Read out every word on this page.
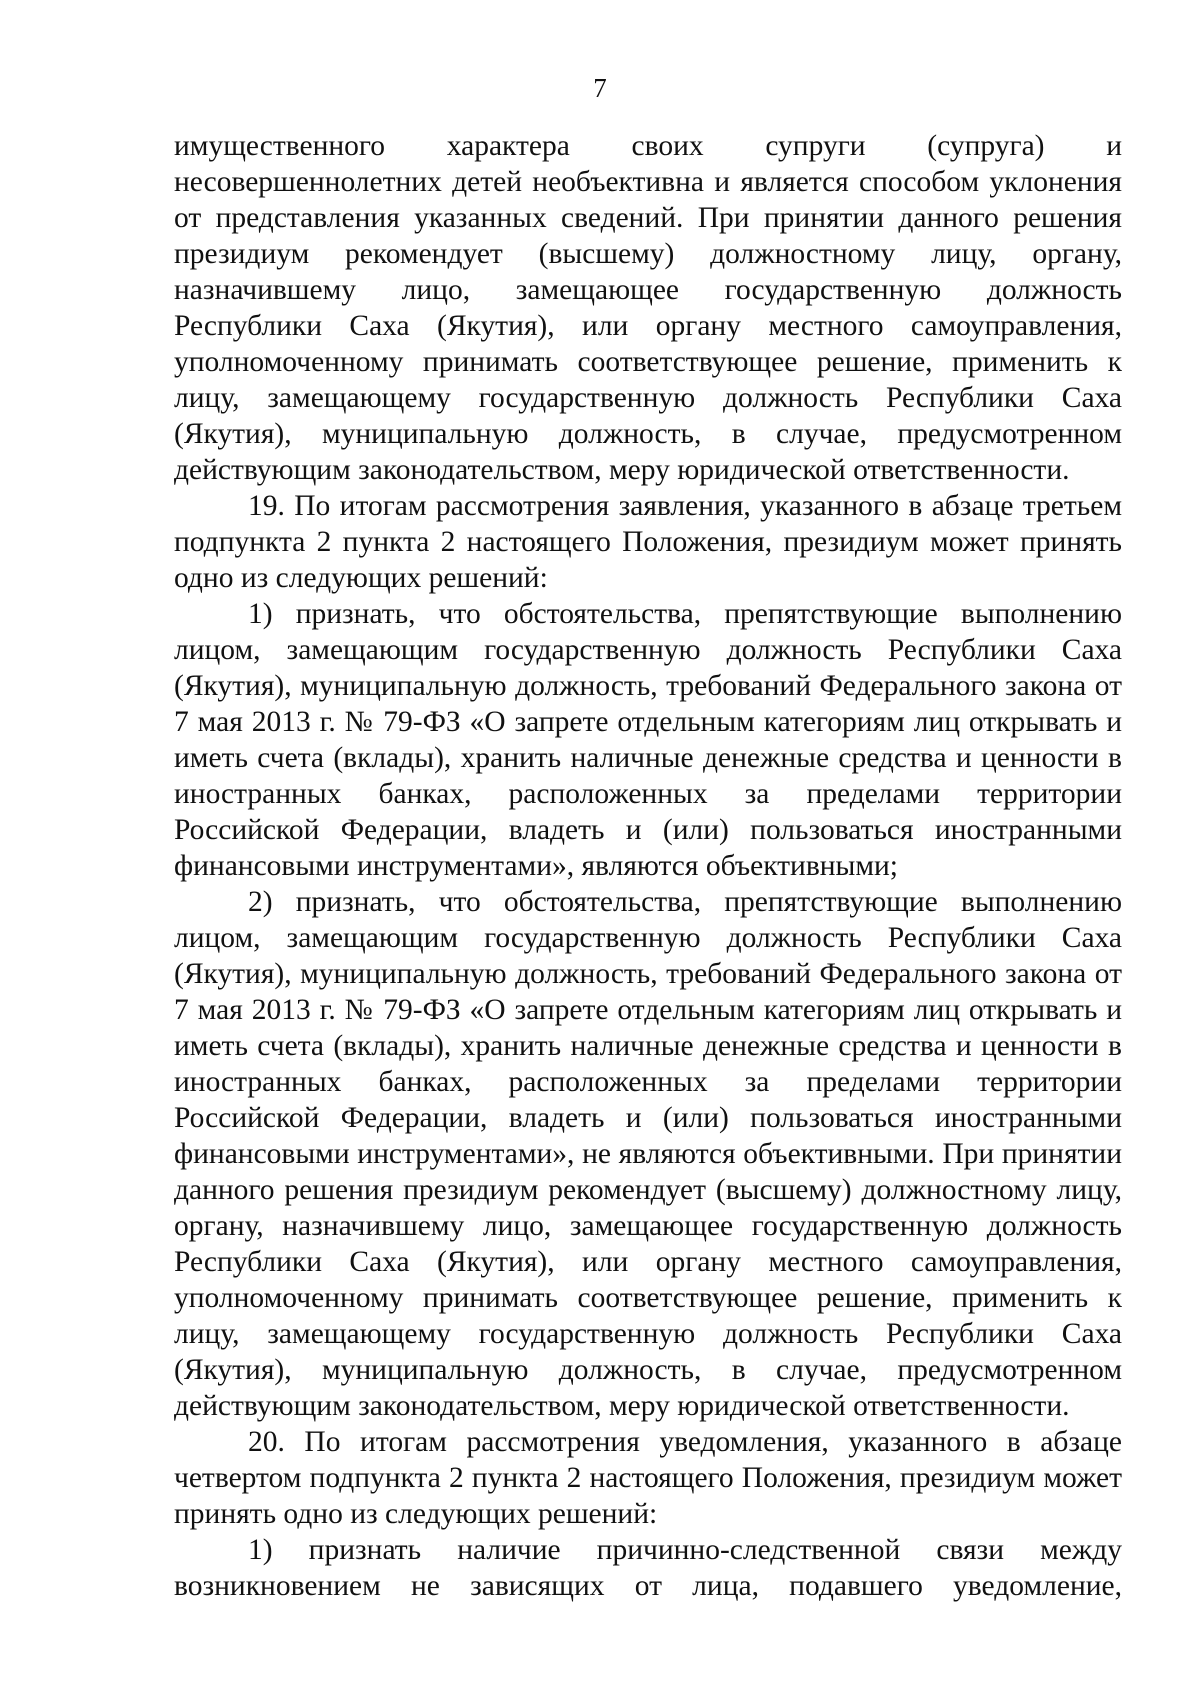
7

имущественного характера своих супруги (супруга) и несовершеннолетних детей необъективна и является способом уклонения от представления указанных сведений. При принятии данного решения президиум рекомендует (высшему) должностному лицу, органу, назначившему лицо, замещающее государственную должность Республики Саха (Якутия), или органу местного самоуправления, уполномоченному принимать соответствующее решение, применить к лицу, замещающему государственную должность Республики Саха (Якутия), муниципальную должность, в случае, предусмотренном действующим законодательством, меру юридической ответственности.

19. По итогам рассмотрения заявления, указанного в абзаце третьем подпункта 2 пункта 2 настоящего Положения, президиум может принять одно из следующих решений:

1) признать, что обстоятельства, препятствующие выполнению лицом, замещающим государственную должность Республики Саха (Якутия), муниципальную должность, требований Федерального закона от 7 мая 2013 г. № 79-ФЗ «О запрете отдельным категориям лиц открывать и иметь счета (вклады), хранить наличные денежные средства и ценности в иностранных банках, расположенных за пределами территории Российской Федерации, владеть и (или) пользоваться иностранными финансовыми инструментами», являются объективными;

2) признать, что обстоятельства, препятствующие выполнению лицом, замещающим государственную должность Республики Саха (Якутия), муниципальную должность, требований Федерального закона от 7 мая 2013 г. № 79-ФЗ «О запрете отдельным категориям лиц открывать и иметь счета (вклады), хранить наличные денежные средства и ценности в иностранных банках, расположенных за пределами территории Российской Федерации, владеть и (или) пользоваться иностранными финансовыми инструментами», не являются объективными. При принятии данного решения президиум рекомендует (высшему) должностному лицу, органу, назначившему лицо, замещающее государственную должность Республики Саха (Якутия), или органу местного самоуправления, уполномоченному принимать соответствующее решение, применить к лицу, замещающему государственную должность Республики Саха (Якутия), муниципальную должность, в случае, предусмотренном действующим законодательством, меру юридической ответственности.

20. По итогам рассмотрения уведомления, указанного в абзаце четвертом подпункта 2 пункта 2 настоящего Положения, президиум может принять одно из следующих решений:

1) признать наличие причинно-следственной связи между возникновением не зависящих от лица, подавшего уведомление,
